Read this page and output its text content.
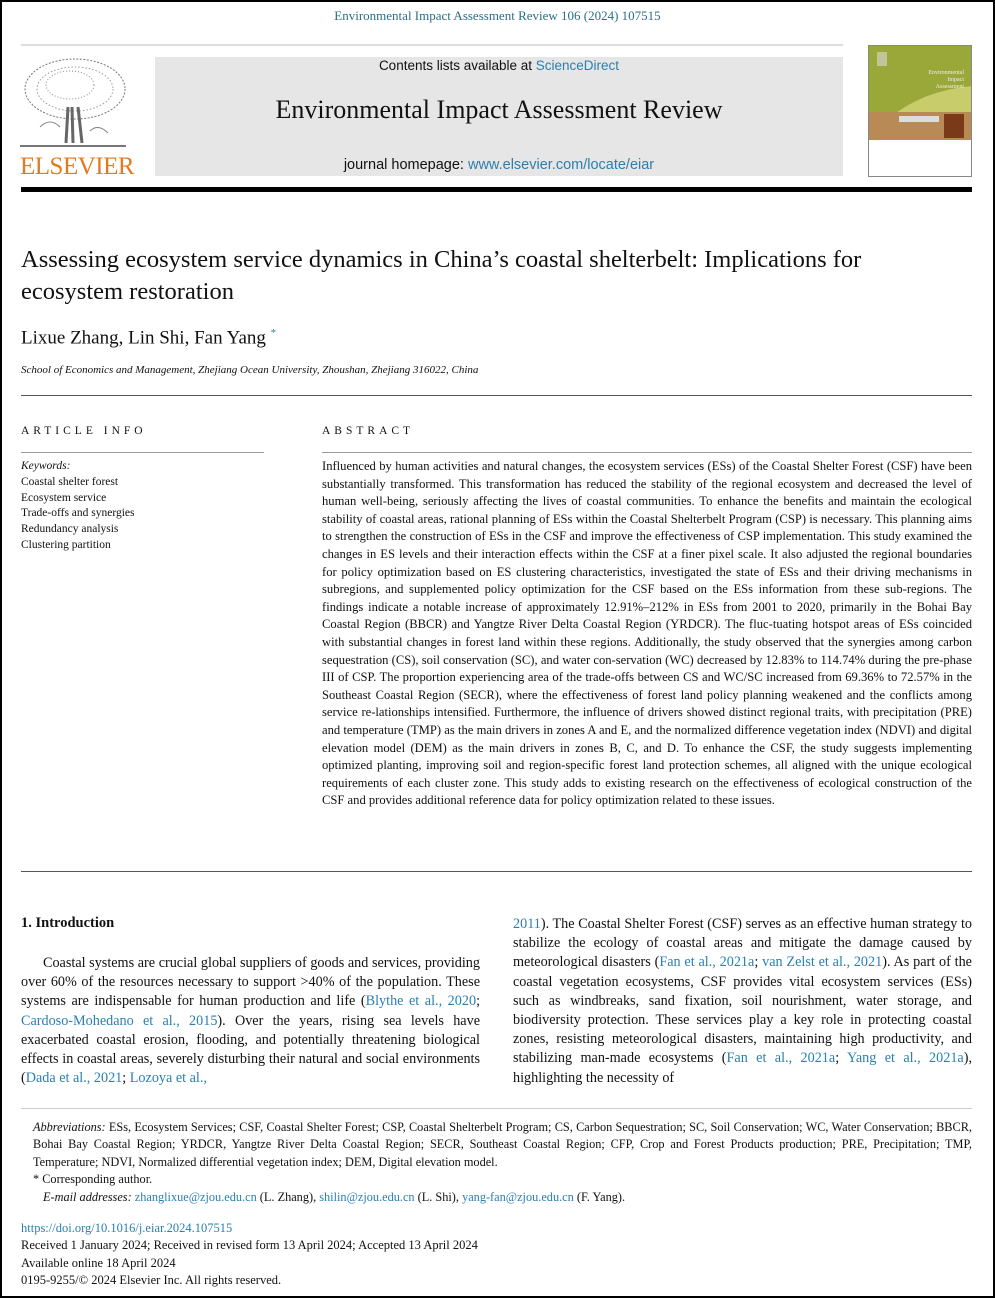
Environmental Impact Assessment Review 106 (2024) 107515
ELSEVIER
Contents lists available at ScienceDirect
Environmental Impact Assessment Review
journal homepage: www.elsevier.com/locate/eiar
Environmental
Impact
Assessment
Assessing ecosystem service dynamics in China’s coastal shelterbelt: Implications for ecosystem restoration
Lixue Zhang, Lin Shi, Fan Yang *
School of Economics and Management, Zhejiang Ocean University, Zhoushan, Zhejiang 316022, China
ARTICLE INFO
Keywords:
Coastal shelter forest
Ecosystem service
Trade-offs and synergies
Redundancy analysis
Clustering partition
ABSTRACT
Influenced by human activities and natural changes, the ecosystem services (ESs) of the Coastal Shelter Forest (CSF) have been substantially transformed. This transformation has reduced the stability of the regional ecosystem and decreased the level of human well-being, seriously affecting the lives of coastal communities. To enhance the benefits and maintain the ecological stability of coastal areas, rational planning of ESs within the Coastal Shelterbelt Program (CSP) is necessary. This planning aims to strengthen the construction of ESs in the CSF and improve the effectiveness of CSP implementation. This study examined the changes in ES levels and their interaction effects within the CSF at a finer pixel scale. It also adjusted the regional boundaries for policy optimization based on ES clustering characteristics, investigated the state of ESs and their driving mechanisms in subregions, and supplemented policy optimization for the CSF based on the ESs information from these sub-regions. The findings indicate a notable increase of approximately 12.91%–212% in ESs from 2001 to 2020, primarily in the Bohai Bay Coastal Region (BBCR) and Yangtze River Delta Coastal Region (YRDCR). The fluc-tuating hotspot areas of ESs coincided with substantial changes in forest land within these regions. Additionally, the study observed that the synergies among carbon sequestration (CS), soil conservation (SC), and water con-servation (WC) decreased by 12.83% to 114.74% during the pre-phase III of CSP. The proportion experiencing area of the trade-offs between CS and WC/SC increased from 69.36% to 72.57% in the Southeast Coastal Region (SECR), where the effectiveness of forest land policy planning weakened and the conflicts among service re-lationships intensified. Furthermore, the influence of drivers showed distinct regional traits, with precipitation (PRE) and temperature (TMP) as the main drivers in zones A and E, and the normalized difference vegetation index (NDVI) and digital elevation model (DEM) as the main drivers in zones B, C, and D. To enhance the CSF, the study suggests implementing optimized planting, improving soil and region-specific forest land protection schemes, all aligned with the unique ecological requirements of each cluster zone. This study adds to existing research on the effectiveness of ecological construction of the CSF and provides additional reference data for policy optimization related to these issues.
1. Introduction

Coastal systems are crucial global suppliers of goods and services, providing over 60% of the resources necessary to support >40% of the population. These systems are indispensable for human production and life (Blythe et al., 2020; Cardoso-Mohedano et al., 2015). Over the years, rising sea levels have exacerbated coastal erosion, flooding, and potentially threatening biological effects in coastal areas, severely disturbing their natural and social environments (Dada et al., 2021; Lozoya et al.,

2011). The Coastal Shelter Forest (CSF) serves as an effective human strategy to stabilize the ecology of coastal areas and mitigate the damage caused by meteorological disasters (Fan et al., 2021a; van Zelst et al., 2021). As part of the coastal vegetation ecosystems, CSF provides vital ecosystem services (ESs) such as windbreaks, sand fixation, soil nourishment, water storage, and biodiversity protection. These services play a key role in protecting coastal zones, resisting meteorological disasters, maintaining high productivity, and stabilizing man-made ecosystems (Fan et al., 2021a; Yang et al., 2021a), highlighting the necessity of

Abbreviations: ESs, Ecosystem Services; CSF, Coastal Shelter Forest; CSP, Coastal Shelterbelt Program; CS, Carbon Sequestration; SC, Soil Conservation; WC, Water Conservation; BBCR, Bohai Bay Coastal Region; YRDCR, Yangtze River Delta Coastal Region; SECR, Southeast Coastal Region; CFP, Crop and Forest Products production; PRE, Precipitation; TMP, Temperature; NDVI, Normalized differential vegetation index; DEM, Digital elevation model.
* Corresponding author.
E-mail addresses: zhanglixue@zjou.edu.cn (L. Zhang), shilin@zjou.edu.cn (L. Shi), yang-fan@zjou.edu.cn (F. Yang).
https://doi.org/10.1016/j.eiar.2024.107515
Received 1 January 2024; Received in revised form 13 April 2024; Accepted 13 April 2024
Available online 18 April 2024
0195-9255/© 2024 Elsevier Inc. All rights reserved.
